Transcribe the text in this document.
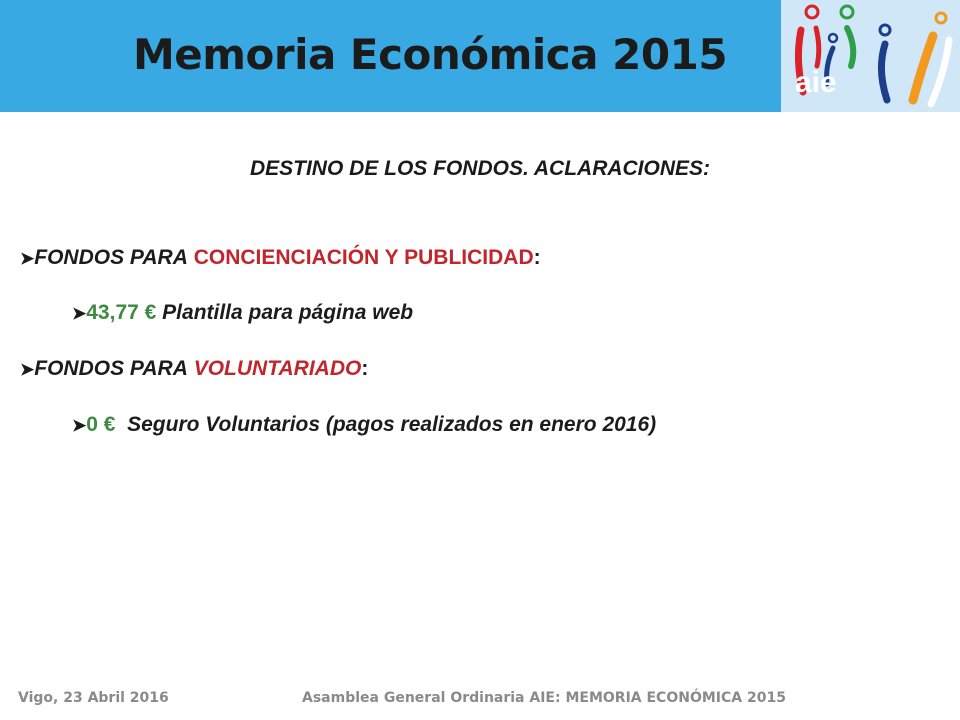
Memoria Económica 2015
aie
DESTINO DE LOS FONDOS. ACLARACIONES:
➤FONDOS PARA CONCIENCIACIÓN Y PUBLICIDAD:
➤43,77 € Plantilla para página web
➤FONDOS PARA VOLUNTARIADO:
➤0 € Seguro Voluntarios (pagos realizados en enero 2016)
Vigo, 23 Abril 2016	Asamblea General Ordinaria AIE: MEMORIA ECONÓMICA 2015
